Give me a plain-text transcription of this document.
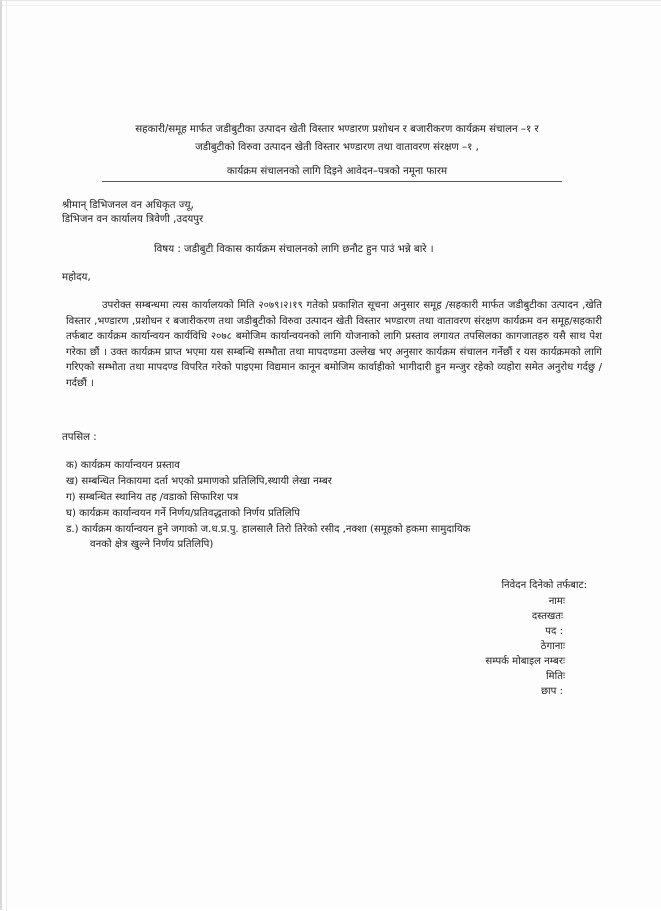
सहकारी/समूह मार्फत जडीबुटीका उत्पादन खेती विस्तार भण्डारण प्रशोधन र बजारीकरण कार्यक्रम संचालन –१ र
जडीबुटीको विरुवा उत्पादन खेती विस्तार भण्डारण तथा वातावरण संरक्षण –१ ,
कार्यक्रम संचालनको लागि दिइने आवेदन–पत्रको नमूना फारम
श्रीमान् डिभिजनल वन अधिकृत ज्यू,
डिभिजन वन कार्यालय त्रिवेणी ,उदयपुर
विषय : जडीबुटी विकास कार्यक्रम संचालनको लागि छनौट हुन पाउं भन्ने बारे ।
महोदय,
उपरोक्त सम्बन्धमा त्यस कार्यालयको मिति २०७९।२।१९ गतेको प्रकाशित सूचना अनुसार समूह /सहकारी मार्फत जडीबुटीका उत्पादन ,खेति विस्तार ,भण्डारण ,प्रशोधन र बजारीकरण तथा जडीबुटीको विरुवा उत्पादन खेती विस्तार भण्डारण तथा वातावरण संरक्षण कार्यक्रम वन समूह/सहकारी तर्फबाट कार्यक्रम कार्यान्वयन कार्यविधि २०७८ बमोजिम कार्यान्वयनको लागि योजनाको लागि प्रस्ताव लगायत तपसिलका कागजातहरु यसै साथ पेश गरेका छौं । उक्त कार्यक्रम प्राप्त भएमा यस सम्बन्धि सम्भौता तथा मापदण्डमा उल्लेख भए अनुसार कार्यक्रम संचालन गर्नेछौं र यस कार्यक्रमको लागि गरिएको सम्भोता तथा मापदण्ड विपरित गरेको पाइएमा विद्यमान कानून बमोजिम कार्वाहीको भागीदारी हुन मन्जुर रहेको व्यहोरा समेत अनुरोध गर्दछु /गर्दछौं ।
तपसिल :
क) कार्यक्रम कार्यान्वयन प्रस्ताव
ख) सम्बन्धित निकायमा दर्ता भएको प्रमाणको प्रतिलिपि,स्थायी लेखा नम्बर
ग) सम्बन्धित स्थानिय तह /वडाको सिफारिश पत्र
घ) कार्यक्रम कार्यान्वयन गर्ने निर्णय/प्रतिवद्धताको निर्णय प्रतिलिपि
ड.) कार्यक्रम कार्यान्वयन हुने जगाको ज.ध.प्र.पु. हालसालै तिरो तिरेको रसीद ,नक्शा (समूहको हकमा सामुदायिक
वनको क्षेत्र खुल्ने निर्णय प्रतिलिपि)
निवेदन दिनेको तर्फबाट:
नामः
दस्तखतः
पद :
ठेगानाः
सम्पर्क मोबाइल नम्बरः
मितिः
छाप :
